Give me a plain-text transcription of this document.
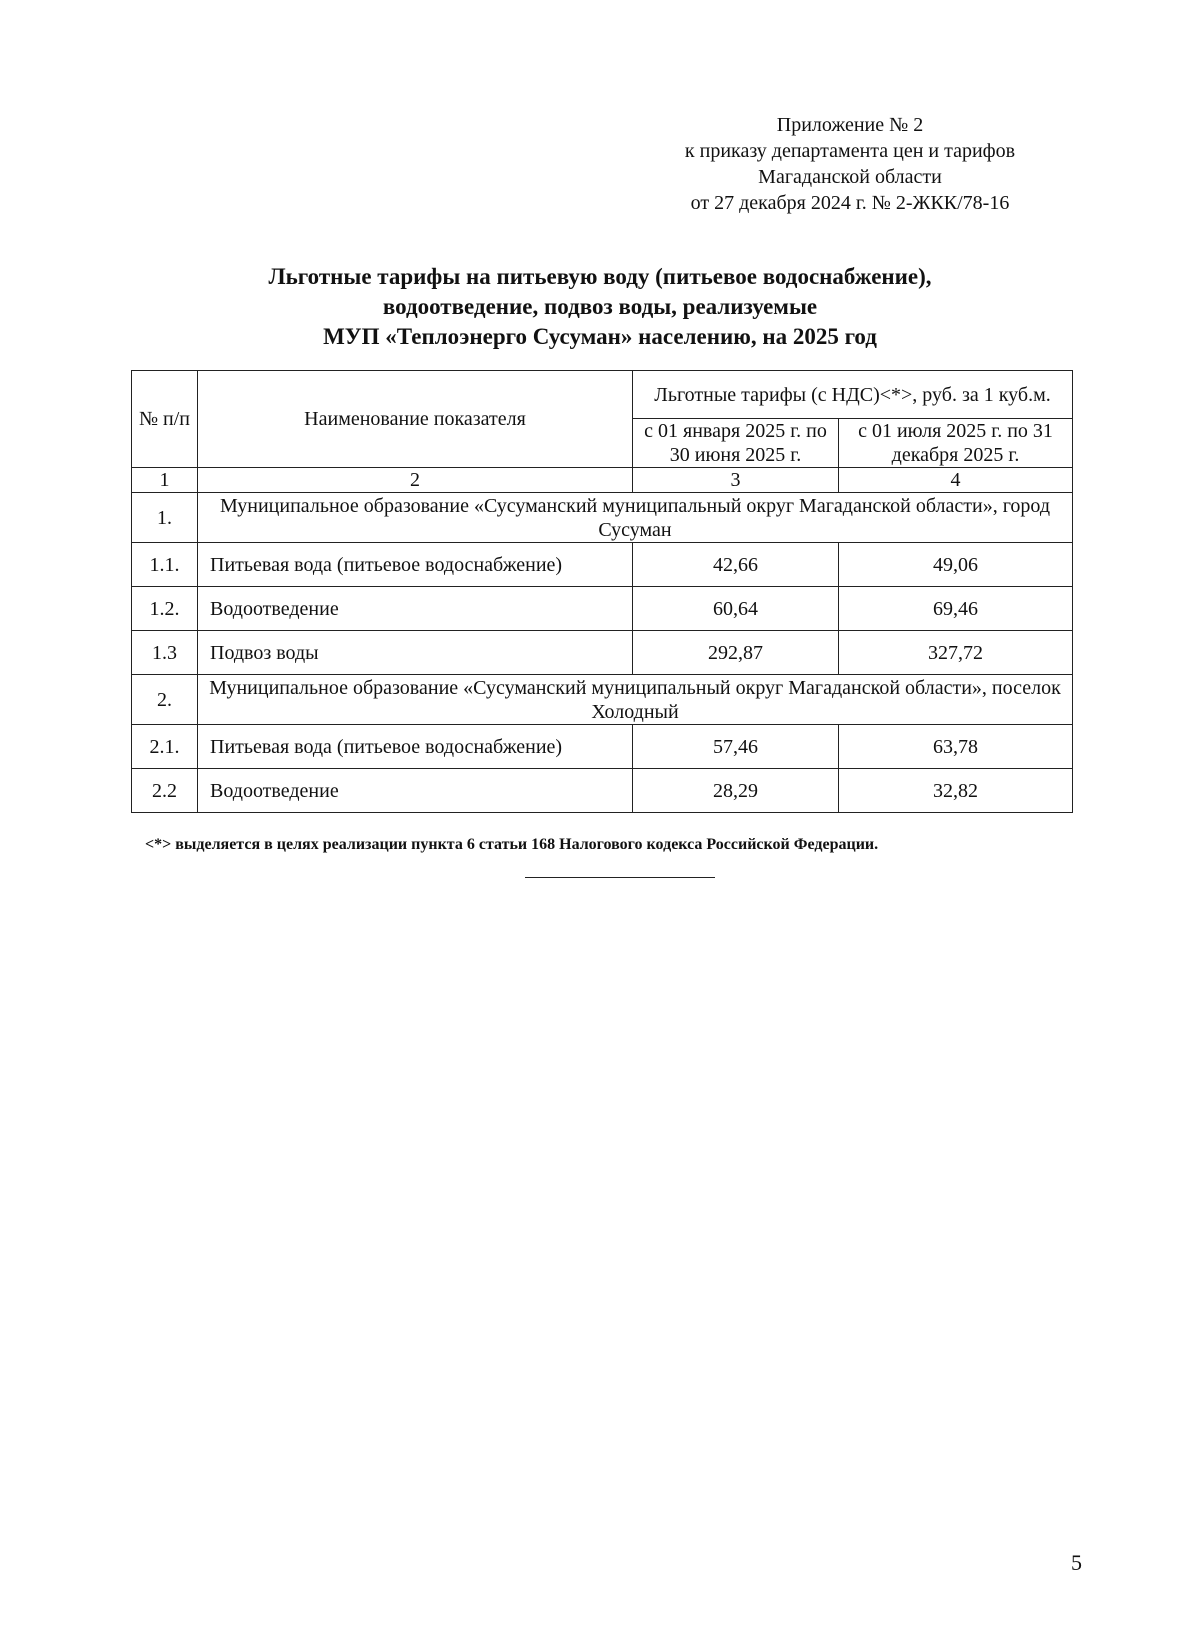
Приложение № 2
к приказу департамента цен и тарифов
Магаданской области
от 27 декабря 2024 г. № 2-ЖКК/78-16
Льготные тарифы на питьевую воду (питьевое водоснабжение),
водоотведение, подвоз воды, реализуемые
МУП «Теплоэнерго Сусуман» населению, на 2025 год
№ п/п	Наименование показателя	Льготные тарифы (с НДС)<*>, руб. за 1 куб.м.	
		с 01 января 2025 г. по 30 июня 2025 г.	с 01 июля 2025 г. по 31 декабря 2025 г.
1	2	3	4
1.	Муниципальное образование «Сусуманский муниципальный округ Магаданской области», город Сусуман		
1.1.	Питьевая вода (питьевое водоснабжение)	42,66	49,06
1.2.	Водоотведение	60,64	69,46
1.3	Подвоз воды	292,87	327,72
2.	Муниципальное образование «Сусуманский муниципальный округ Магаданской области», поселок Холодный		
2.1.	Питьевая вода (питьевое водоснабжение)	57,46	63,78
2.2	Водоотведение	28,29	32,82
<*> выделяется в целях реализации пункта 6 статьи 168 Налогового кодекса Российской Федерации.
5
